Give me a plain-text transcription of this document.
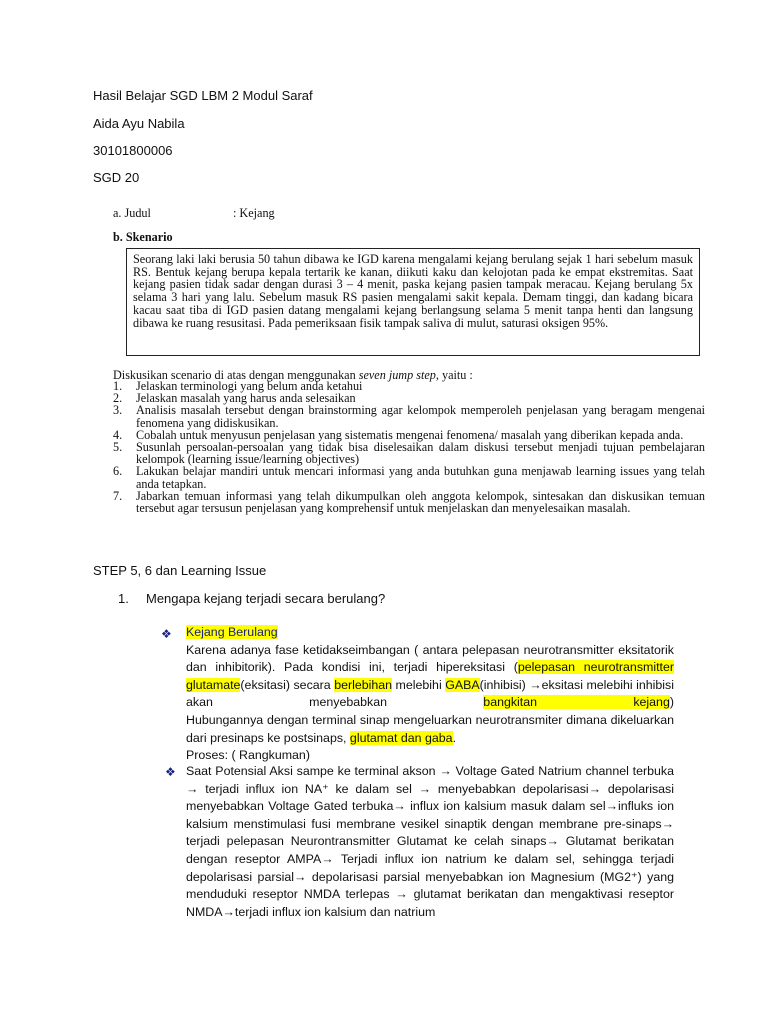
Hasil Belajar SGD LBM 2 Modul Saraf
Aida Ayu Nabila
30101800006
SGD 20
a. Judul	: Kejang
b. Skenario
Seorang laki laki berusia 50 tahun dibawa ke IGD karena mengalami kejang berulang sejak 1 hari sebelum masuk RS. Bentuk kejang berupa kepala tertarik ke kanan, diikuti kaku dan kelojotan pada ke empat ekstremitas. Saat kejang pasien tidak sadar dengan durasi 3 – 4 menit, paska kejang pasien tampak meracau. Kejang berulang 5x selama 3 hari yang lalu. Sebelum masuk RS pasien mengalami sakit kepala. Demam tinggi, dan kadang bicara kacau saat tiba di IGD pasien datang mengalami kejang berlangsung selama 5 menit tanpa henti dan langsung dibawa ke ruang resusitasi. Pada pemeriksaan fisik tampak saliva di mulut, saturasi oksigen 95%.
Diskusikan scenario di atas dengan menggunakan seven jump step, yaitu :
1. Jelaskan terminologi yang belum anda ketahui
2. Jelaskan masalah yang harus anda selesaikan
3. Analisis masalah tersebut dengan brainstorming agar kelompok memperoleh penjelasan yang beragam mengenai fenomena yang didiskusikan.
4. Cobalah untuk menyusun penjelasan yang sistematis mengenai fenomena/ masalah yang diberikan kepada anda.
5. Susunlah persoalan-persoalan yang tidak bisa diselesaikan dalam diskusi tersebut menjadi tujuan pembelajaran kelompok (learning issue/learning objectives)
6. Lakukan belajar mandiri untuk mencari informasi yang anda butuhkan guna menjawab learning issues yang telah anda tetapkan.
7. Jabarkan temuan informasi yang telah dikumpulkan oleh anggota kelompok, sintesakan dan diskusikan temuan tersebut agar tersusun penjelasan yang komprehensif untuk menjelaskan dan menyelesaikan masalah.
STEP 5, 6 dan Learning Issue
1. Mengapa kejang terjadi secara berulang?
❖ Kejang Berulang
Karena adanya fase ketidakseimbangan ( antara pelepasan neurotransmitter eksitatorik dan inhibitorik). Pada kondisi ini, terjadi hipereksitasi (pelepasan neurotransmitter glutamate(eksitasi) secara berlebihan melebihi GABA(inhibisi) →eksitasi melebihi inhibisi akan menyebabkan bangkitan kejang)
Hubungannya dengan terminal sinap mengeluarkan neurotransmiter dimana dikeluarkan dari presinaps ke postsinaps, glutamat dan gaba.
Proses: ( Rangkuman)
❖ Saat Potensial Aksi sampe ke terminal akson → Voltage Gated Natrium channel terbuka → terjadi influx ion NA⁺ ke dalam sel → menyebabkan depolarisasi→ depolarisasi menyebabkan Voltage Gated terbuka→ influx ion kalsium masuk dalam sel→influks ion kalsium menstimulasi fusi membrane vesikel sinaptik dengan membrane pre-sinaps→ terjadi pelepasan Neurontransmitter Glutamat ke celah sinaps→ Glutamat berikatan dengan reseptor AMPA→ Terjadi influx ion natrium ke dalam sel, sehingga terjadi depolarisasi parsial→ depolarisasi parsial menyebabkan ion Magnesium (MG2⁺) yang menduduki reseptor NMDA terlepas → glutamat berikatan dan mengaktivasi reseptor NMDA→terjadi influx ion kalsium dan natrium
